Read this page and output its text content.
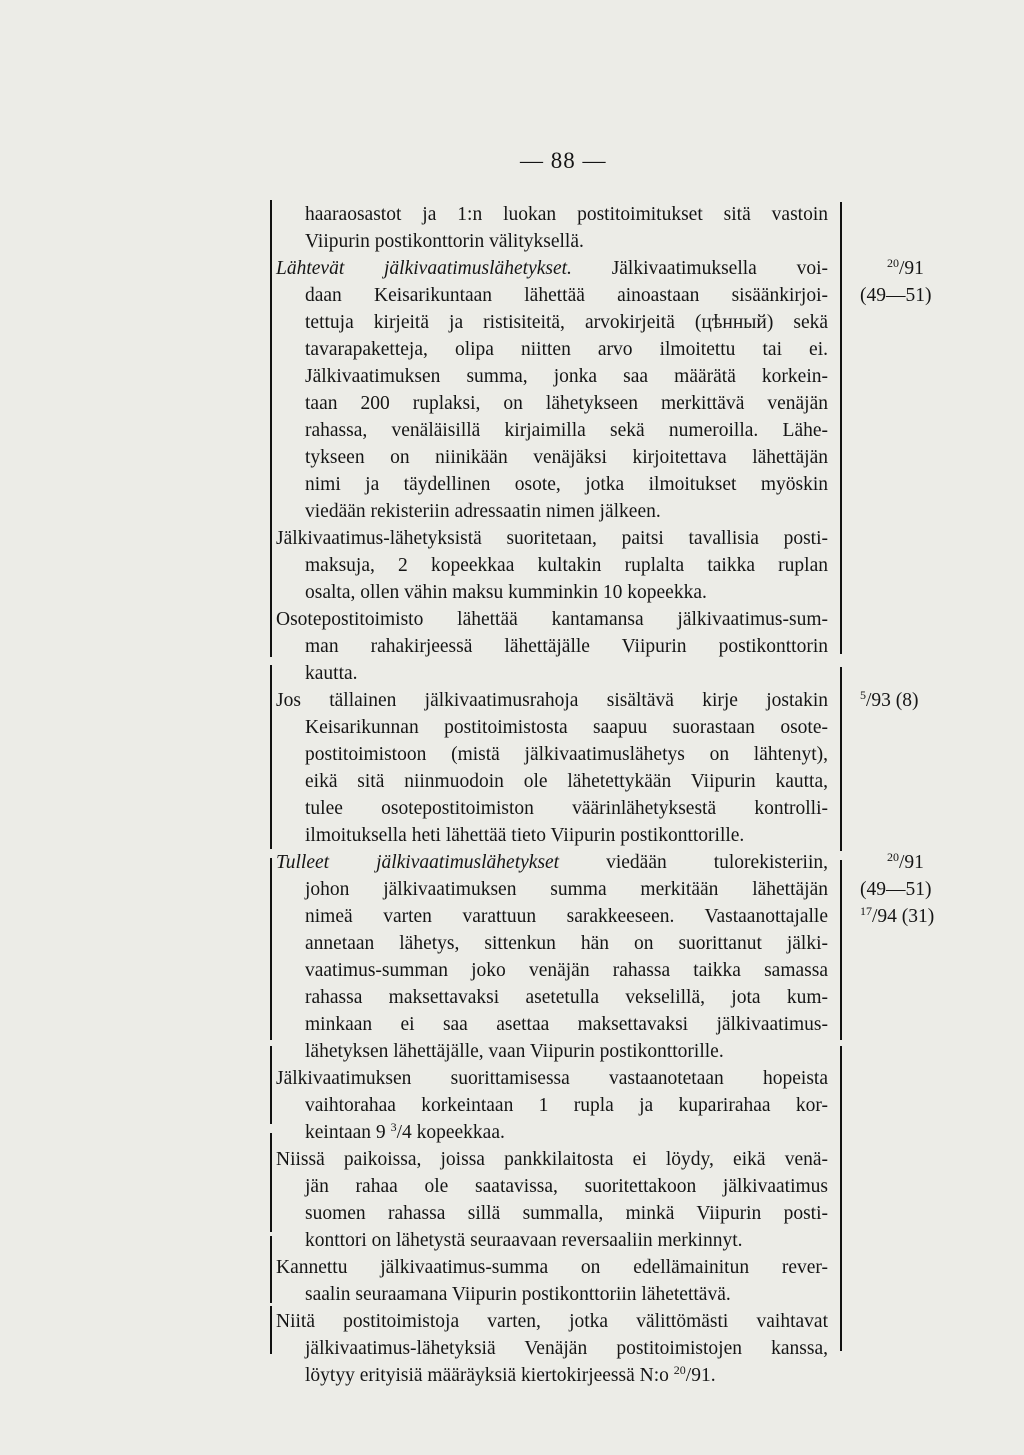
— 88 —
haaraosastot ja 1:n luokan postitoimitukset sitä vastoin
Viipurin postikonttorin välityksellä.
Lähtevät jälkivaatimuslähetykset. Jälkivaatimuksella voi-
daan Keisarikuntaan lähettää ainoastaan sisäänkirjoi-
tettuja kirjeitä ja ristisiteitä, arvokirjeitä (цѣнный) sekä
tavarapaketteja, olipa niitten arvo ilmoitettu tai ei.
Jälkivaatimuksen summa, jonka saa määrätä korkein-
taan 200 ruplaksi, on lähetykseen merkittävä venäjän
rahassa, venäläisillä kirjaimilla sekä numeroilla. Lähe-
tykseen on niinikään venäjäksi kirjoitettava lähettäjän
nimi ja täydellinen osote, jotka ilmoitukset myöskin
viedään rekisteriin adressaatin nimen jälkeen.
Jälkivaatimus-lähetyksistä suoritetaan, paitsi tavallisia posti-
maksuja, 2 kopeekkaa kultakin ruplalta taikka ruplan
osalta, ollen vähin maksu kumminkin 10 kopeekka.
Osotepostitoimisto lähettää kantamansa jälkivaatimus-sum-
man rahakirjeessä lähettäjälle Viipurin postikonttorin
kautta.
Jos tällainen jälkivaatimusrahoja sisältävä kirje jostakin
Keisarikunnan postitoimistosta saapuu suorastaan osote-
postitoimistoon (mistä jälkivaatimuslähetys on lähtenyt),
eikä sitä niinmuodoin ole lähetettykään Viipurin kautta,
tulee osotepostitoimiston väärinlähetyksestä kontrolli-
ilmoituksella heti lähettää tieto Viipurin postikonttorille.
Tulleet jälkivaatimuslähetykset viedään tulorekisteriin,
johon jälkivaatimuksen summa merkitään lähettäjän
nimeä varten varattuun sarakkeeseen. Vastaanottajalle
annetaan lähetys, sittenkun hän on suorittanut jälki-
vaatimus-summan joko venäjän rahassa taikka samassa
rahassa maksettavaksi asetetulla vekselillä, jota kum-
minkaan ei saa asettaa maksettavaksi jälkivaatimus-
lähetyksen lähettäjälle, vaan Viipurin postikonttorille.
Jälkivaatimuksen suorittamisessa vastaanotetaan hopeista
vaihtorahaa korkeintaan 1 rupla ja kuparirahaa kor-
keintaan 9 $^3$/4 kopeekkaa.
Niissä paikoissa, joissa pankkilaitosta ei löydy, eikä venä-
jän rahaa ole saatavissa, suoritettakoon jälkivaatimus
suomen rahassa sillä summalla, minkä Viipurin posti-
konttori on lähetystä seuraavaan reversaaliin merkinnyt.
Kannettu jälkivaatimus-summa on edellämainitun rever-
saalin seuraamana Viipurin postikonttoriin lähetettävä.
Niitä postitoimistoja varten, jotka välittömästi vaihtavat
jälkivaatimus-lähetyksiä Venäjän postitoimistojen kanssa,
löytyy erityisiä määräyksiä kiertokirjeessä N:o $^{20}$/91.
$^{20}$/91
(49—51)
$^5$/93 (8)
$^{20}$/91
(49—51)
$^{17}$/94 (31)
